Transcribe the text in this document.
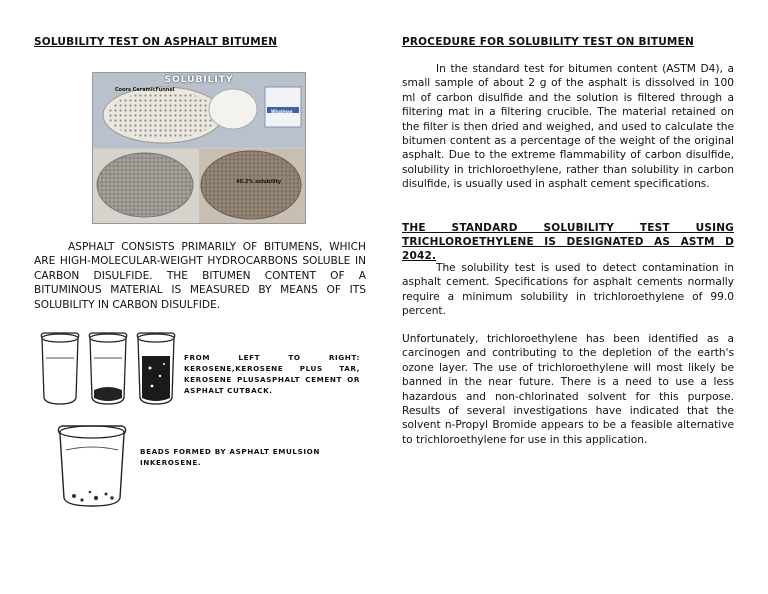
SOLUBILITY TEST ON ASPHALT BITUMEN
SOLUBILITY
Coors CeramicFunnel
Whatman
40.2% solubility
ASPHALT CONSISTS PRIMARILY OF BITUMENS, WHICH ARE HIGH-MOLECULAR-WEIGHT HYDROCARBONS SOLUBLE IN CARBON DISULFIDE. THE BITUMEN CONTENT OF A BITUMINOUS MATERIAL IS MEASURED BY MEANS OF ITS SOLUBILITY IN CARBON DISULFIDE.
FROM LEFT TO RIGHT: KEROSENE,KEROSENE PLUS TAR, KEROSENE PLUSASPHALT CEMENT OR ASPHALT CUTBACK.
BEADS FORMED BY ASPHALT EMULSION INKEROSENE.
PROCEDURE FOR SOLUBILITY TEST ON BITUMEN
In the standard test for bitumen content (ASTM D4), a small sample of about 2 g of the asphalt is dissolved in 100 ml of carbon disulfide and the solution is filtered through a filtering mat in a filtering crucible. The material retained on the filter is then dried and weighed, and used to calculate the bitumen content as a percentage of the weight of the original asphalt. Due to the extreme flammability of carbon disulfide, solubility in trichloroethylene, rather than solubility in carbon disulfide, is usually used in asphalt cement specifications.
THE STANDARD SOLUBILITY TEST USING TRICHLOROETHYLENE IS DESIGNATED AS ASTM D 2042.
The solubility test is used to detect contamination in asphalt cement. Specifications for asphalt cements normally require a minimum solubility in trichloroethylene of 99.0 percent.
Unfortunately, trichloroethylene has been identified as a carcinogen and contributing to the depletion of the earth's ozone layer. The use of trichloroethylene will most likely be banned in the near future. There is a need to use a less hazardous and non-chlorinated solvent for this purpose. Results of several investigations have indicated that the solvent n-Propyl Bromide appears to be a feasible alternative to trichloroethylene for use in this application.
